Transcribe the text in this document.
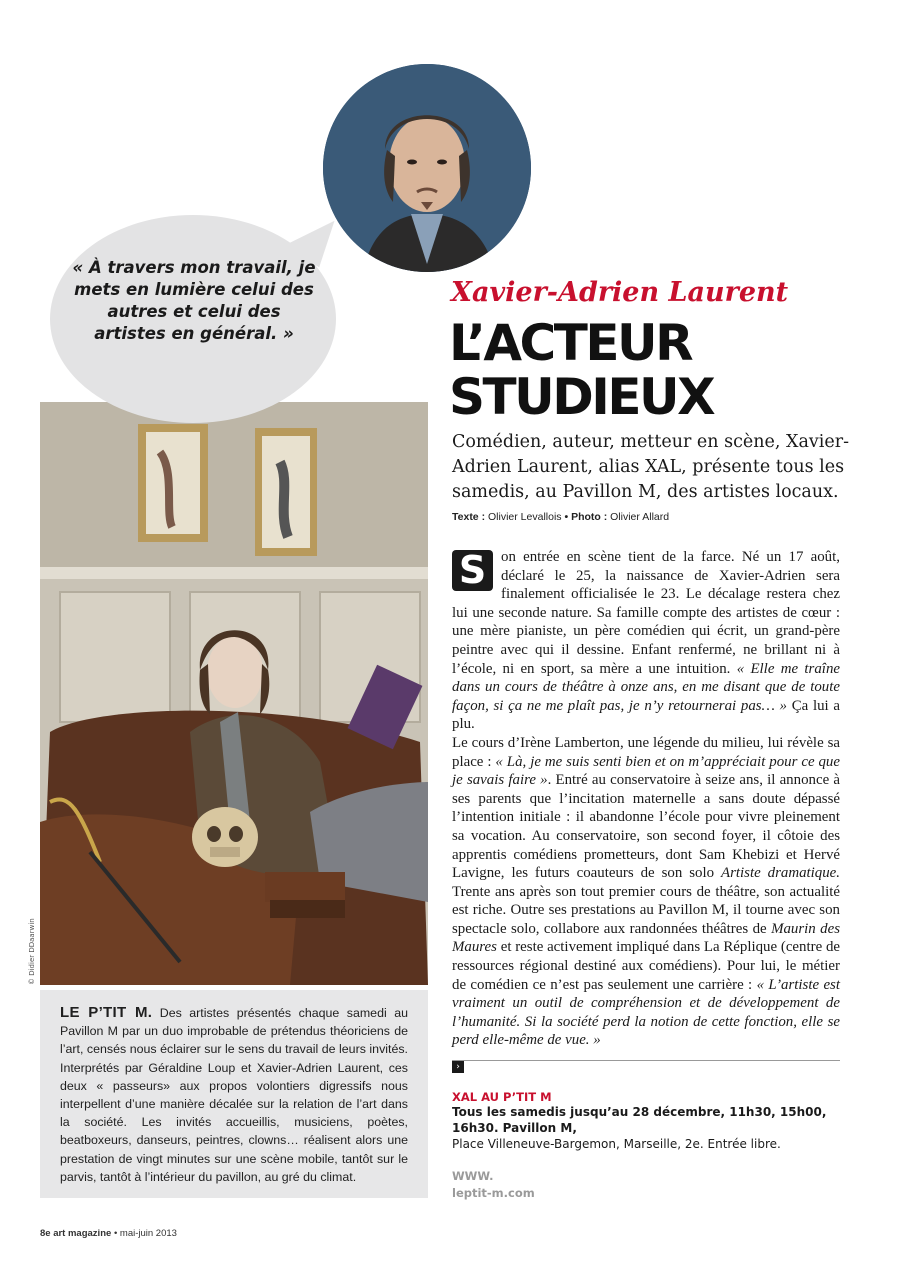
« À travers mon travail, je mets en lumière celui des autres et celui des artistes en général. »
© Didier DDaarwin
LE P’TIT M. Des artistes présentés chaque samedi au Pavillon M par un duo improbable de prétendus théoriciens de l’art, censés nous éclairer sur le sens du travail de leurs invités. Interprétés par Géraldine Loup et Xavier-Adrien Laurent, ces deux « passeurs» aux propos volontiers digressifs nous interpellent d’une manière décalée sur la relation de l’art dans la société. Les invités accueillis, musiciens, poètes, beatboxeurs, danseurs, peintres, clowns… réalisent alors une prestation de vingt minutes sur une scène mobile, tantôt sur le parvis, tantôt à l’intérieur du pavillon, au gré du climat.
Xavier-Adrien Laurent
L’ACTEUR
STUDIEUX
Comédien, auteur, metteur en scène, Xavier-Adrien Laurent, alias XAL, présente tous les samedis, au Pavillon M, des artistes locaux.
Texte : Olivier Levallois • Photo : Olivier Allard

S on entrée en scène tient de la farce. Né un 17 août, déclaré le 25, la naissance de Xavier-Adrien sera finalement officialisée le 23. Le décalage restera chez lui une seconde nature. Sa famille compte des artistes de cœur : une mère pianiste, un père comédien qui écrit, un grand-père peintre avec qui il dessine. Enfant renfermé, ne brillant ni à l’école, ni en sport, sa mère a une intuition. « Elle me traîne dans un cours de théâtre à onze ans, en me disant que de toute façon, si ça ne me plaît pas, je n’y retournerai pas… » Ça lui a plu.

Le cours d’Irène Lamberton, une légende du milieu, lui révèle sa place : « Là, je me suis senti bien et on m’appréciait pour ce que je savais faire ». Entré au conservatoire à seize ans, il annonce à ses parents que l’incitation maternelle a sans doute dépassé l’intention initiale : il abandonne l’école pour vivre pleinement sa vocation. Au conservatoire, son second foyer, il côtoie des apprentis comédiens prometteurs, dont Sam Khebizi et Hervé Lavigne, les futurs coauteurs de son solo Artiste dramatique. Trente ans après son tout premier cours de théâtre, son actualité est riche. Outre ses prestations au Pavillon M, il tourne avec son spectacle solo, collabore aux randonnées théâtres de Maurin des Maures et reste activement impliqué dans La Réplique (centre de ressources régional destiné aux comédiens). Pour lui, le métier de comédien ce n’est pas seulement une carrière : « L’artiste est vraiment un outil de compréhension et de développement de l’humanité. Si la société perd la notion de cette fonction, elle se perd elle-même de vue. »

›
XAL AU P’TIT M
Tous les samedis jusqu’au 28 décembre, 11h30, 15h00, 16h30. Pavillon M,
Place Villeneuve-Bargemon, Marseille, 2e. Entrée libre.
WWW.
leptit-m.com
8e art magazine • mai-juin 2013
